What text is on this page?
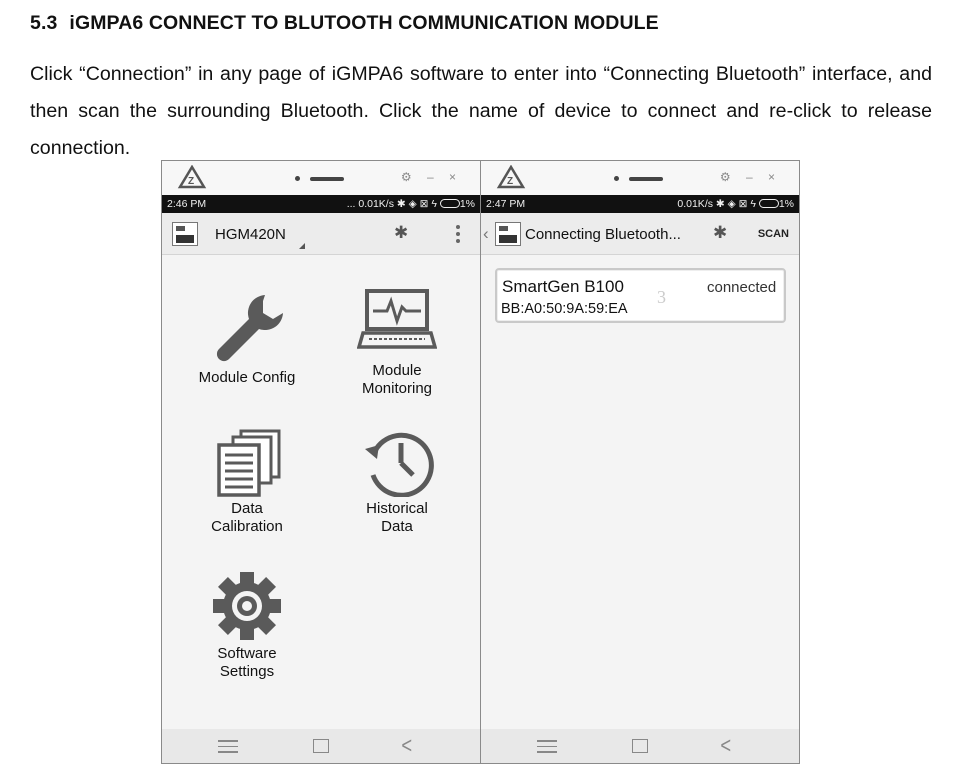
5.3 iGMPA6 CONNECT TO BLUTOOTH COMMUNICATION MODULE

Click “Connection” in any page of iGMPA6 software to enter into “Connecting Bluetooth” interface, and then scan the surrounding Bluetooth. Click the name of device to connect and re-click to release connection.

Z	⚙ – ×
2:46 PM	... 0.01K/s ✱ ◈ ⊠ ϟ 1%
HGM420N	✱
Module Config	Module
Monitoring
Data
Calibration
Historical
Data
Software
Settings
<
Z	⚙ – ×
2:47 PM	0.01K/s ✱ ◈ ⊠ ϟ 1%
‹ Connecting Bluetooth... ✱	SCAN
SmartGen B100
3	connected
BB:A0:50:9A:59:EA
<
